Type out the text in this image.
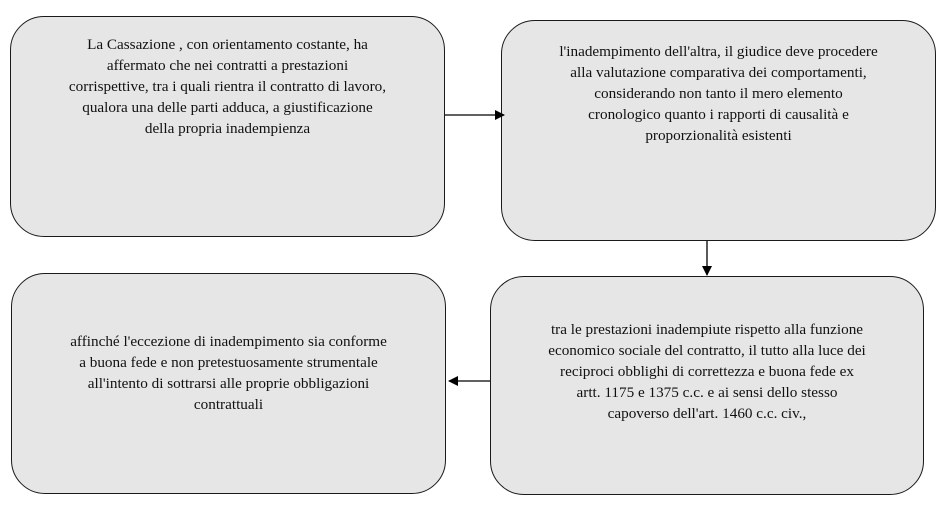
La Cassazione , con orientamento costante, ha
affermato che nei contratti a prestazioni
corrispettive, tra i quali rientra il contratto di lavoro,
qualora una delle parti adduca, a giustificazione
della propria inadempienza
l'inadempimento dell'altra, il giudice deve procedere
alla valutazione comparativa dei comportamenti,
considerando non tanto il mero elemento
cronologico quanto i rapporti di causalità e
proporzionalità esistenti
tra le prestazioni inadempiute rispetto alla funzione
economico sociale del contratto, il tutto alla luce dei
reciproci obblighi di correttezza e buona fede ex
artt. 1175 e 1375 c.c. e ai sensi dello stesso
capoverso dell'art. 1460 c.c. civ.,
affinché l'eccezione di inadempimento sia conforme
a buona fede e non pretestuosamente strumentale
all'intento di sottrarsi alle proprie obbligazioni
contrattuali
